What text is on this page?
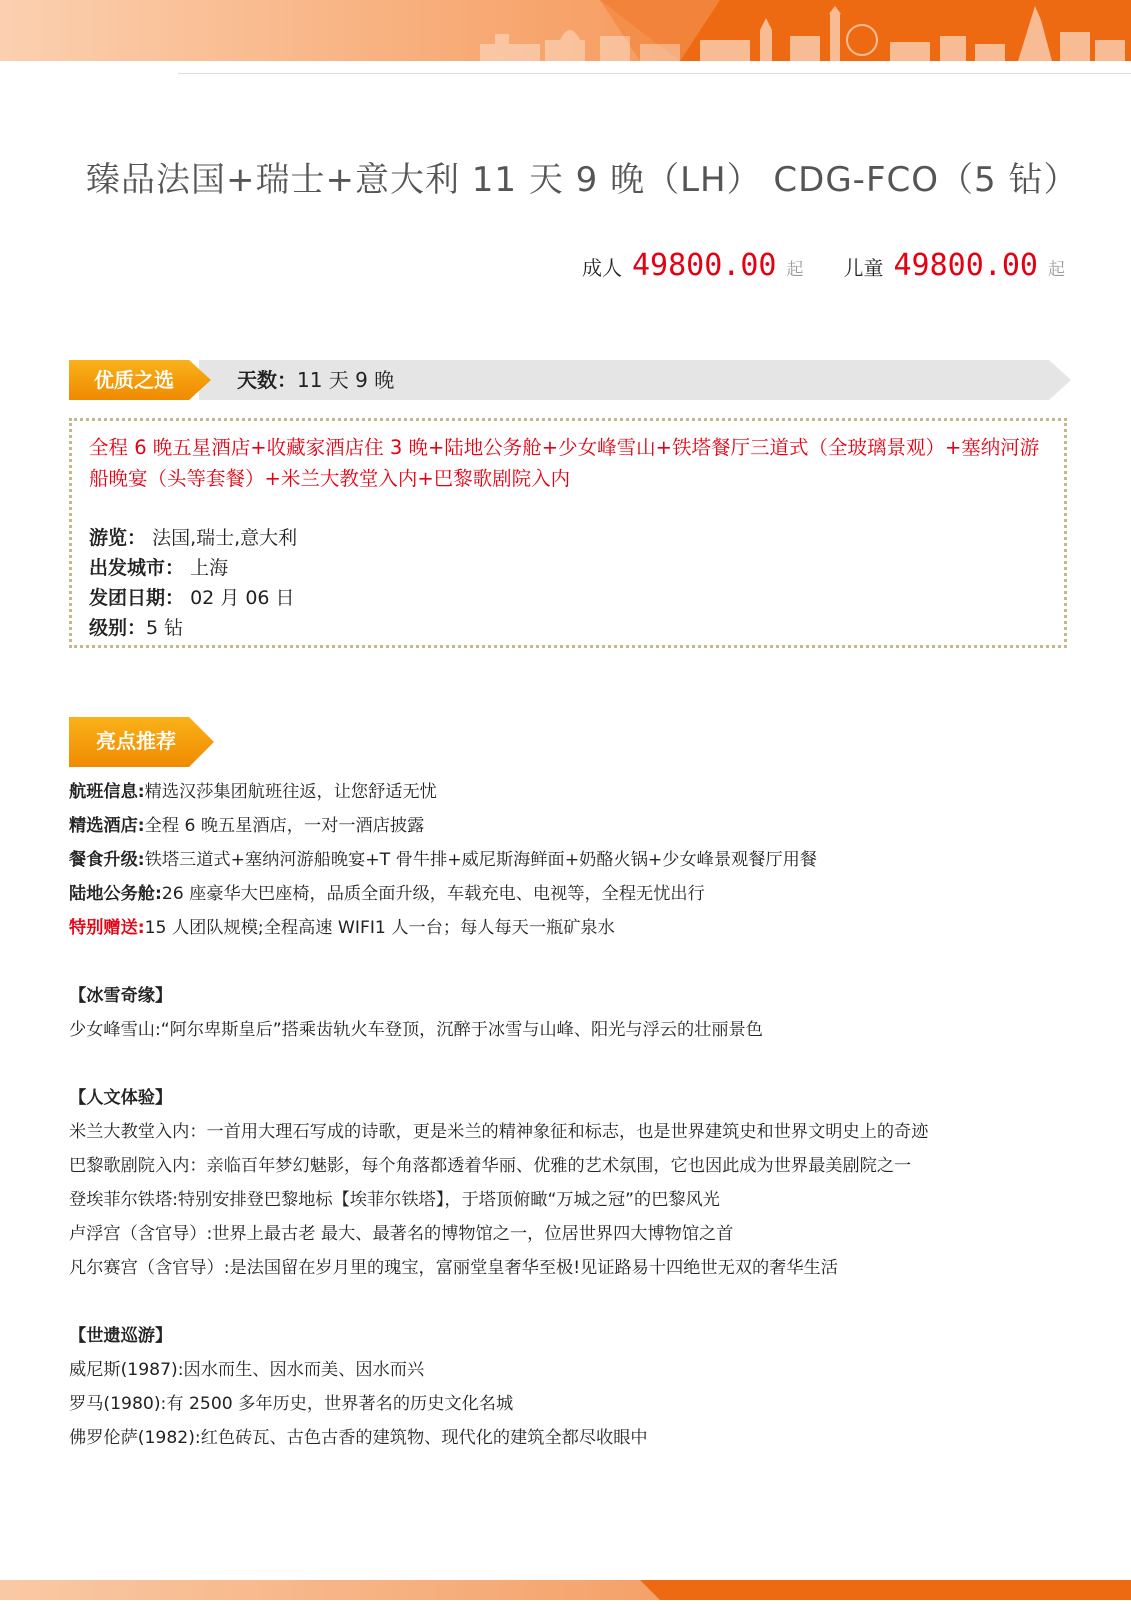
臻品法国+瑞士+意大利 11 天 9 晚（LH） CDG-FCO（5 钻）
成人 49800.00 起 儿童 49800.00 起
优质之选	天数：11 天 9 晚

全程 6 晚五星酒店+收藏家酒店住 3 晚+陆地公务舱+少女峰雪山+铁塔餐厅三道式（全玻璃景观）+塞纳河游船晚宴（头等套餐）+米兰大教堂入内+巴黎歌剧院入内

游览： 法国,瑞士,意大利
出发城市： 上海
发团日期： 02 月 06 日
级别：5 钻
亮点推荐
航班信息:精选汉莎集团航班往返，让您舒适无忧
精选酒店:全程 6 晚五星酒店，一对一酒店披露
餐食升级:铁塔三道式+塞纳河游船晚宴+T 骨牛排+威尼斯海鲜面+奶酪火锅+少女峰景观餐厅用餐
陆地公务舱:26 座豪华大巴座椅，品质全面升级，车载充电、电视等，全程无忧出行
特别赠送:15 人团队规模;全程高速 WIFI1 人一台；每人每天一瓶矿泉水
【冰雪奇缘】
少女峰雪山:“阿尔卑斯皇后”搭乘齿轨火车登顶，沉醉于冰雪与山峰、阳光与浮云的壮丽景色
【人文体验】
米兰大教堂入内：一首用大理石写成的诗歌，更是米兰的精神象征和标志，也是世界建筑史和世界文明史上的奇迹
巴黎歌剧院入内：亲临百年梦幻魅影，每个角落都透着华丽、优雅的艺术氛围，它也因此成为世界最美剧院之一
登埃菲尔铁塔:特别安排登巴黎地标【埃菲尔铁塔】，于塔顶俯瞰“万城之冠”的巴黎风光
卢浮宫（含官导）:世界上最古老 最大、最著名的博物馆之一，位居世界四大博物馆之首
凡尔赛宫（含官导）:是法国留在岁月里的瑰宝，富丽堂皇奢华至极!见证路易十四绝世无双的奢华生活
【世遗巡游】
威尼斯(1987):因水而生、因水而美、因水而兴
罗马(1980):有 2500 多年历史，世界著名的历史文化名城
佛罗伦萨(1982):红色砖瓦、古色古香的建筑物、现代化的建筑全都尽收眼中
